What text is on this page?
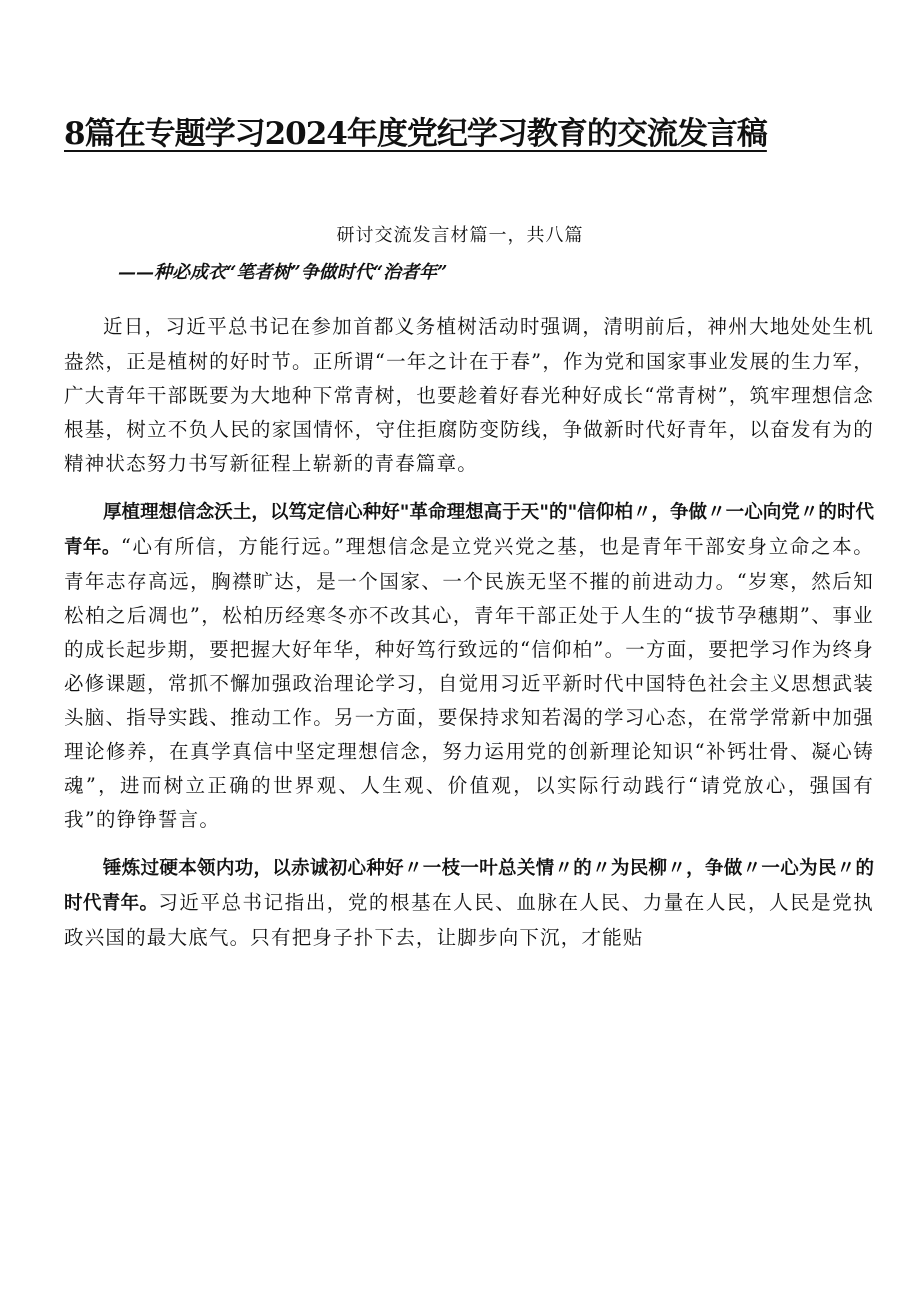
8篇在专题学习2024年度党纪学习教育的交流发言稿
研讨交流发言材篇一，共八篇
——种必成衣“笔者树”争做时代“治者年”

近日，习近平总书记在参加首都义务植树活动时强调，清明前后，神州大地处处生机盎然，正是植树的好时节。正所谓“一年之计在于春”，作为党和国家事业发展的生力军，广大青年干部既要为大地种下常青树，也要趁着好春光种好成长“常青树”，筑牢理想信念根基，树立不负人民的家国情怀，守住拒腐防变防线，争做新时代好青年，以奋发有为的精神状态努力书写新征程上崭新的青春篇章。

厚植理想信念沃土，以笃定信心种好"革命理想高于天"的"信仰柏〃，争做〃一心向党〃的时代青年。“心有所信，方能行远。”理想信念是立党兴党之基，也是青年干部安身立命之本。青年志存高远，胸襟旷达，是一个国家、一个民族无坚不摧的前进动力。“岁寒，然后知松柏之后凋也”，松柏历经寒冬亦不改其心，青年干部正处于人生的“拔节孕穗期”、事业的成长起步期，要把握大好年华，种好笃行致远的“信仰柏”。一方面，要把学习作为终身必修课题，常抓不懈加强政治理论学习，自觉用习近平新时代中国特色社会主义思想武装头脑、指导实践、推动工作。另一方面，要保持求知若渴的学习心态，在常学常新中加强理论修养，在真学真信中坚定理想信念，努力运用党的创新理论知识“补钙壮骨、凝心铸魂”，进而树立正确的世界观、人生观、价值观，以实际行动践行“请党放心，强国有我”的铮铮誓言。

锤炼过硬本领内功，以赤诚初心种好〃一枝一叶总关情〃的〃为民柳〃，争做〃一心为民〃的时代青年。习近平总书记指出，党的根基在人民、血脉在人民、力量在人民，人民是党执政兴国的最大底气。只有把身子扑下去，让脚步向下沉，才能贴
